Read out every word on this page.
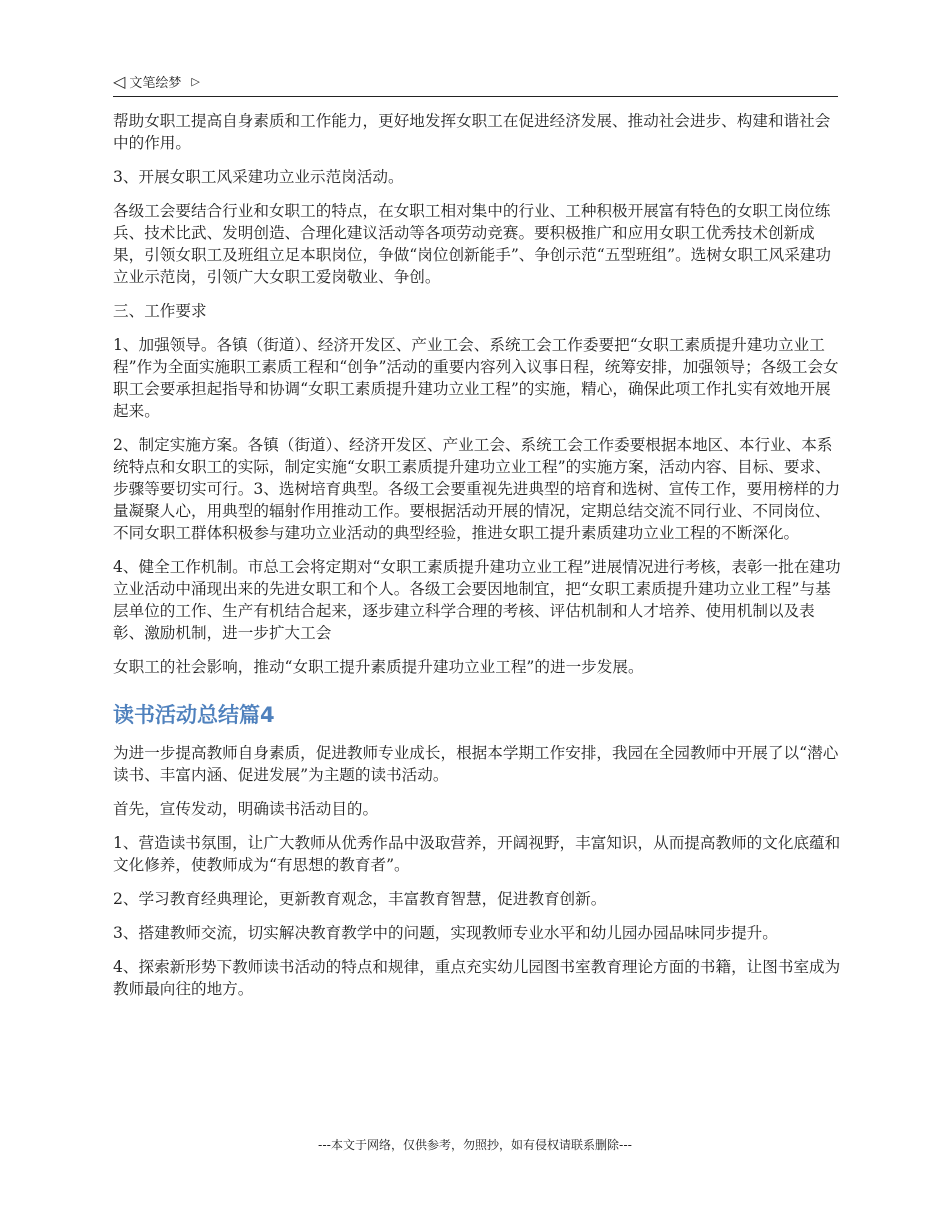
◁ 文笔绘梦 ▷

帮助女职工提高自身素质和工作能力，更好地发挥女职工在促进经济发展、推动社会进步、构建和谐社会中的作用。

3、开展女职工风采建功立业示范岗活动。

各级工会要结合行业和女职工的特点，在女职工相对集中的行业、工种积极开展富有特色的女职工岗位练兵、技术比武、发明创造、合理化建议活动等各项劳动竞赛。要积极推广和应用女职工优秀技术创新成果，引领女职工及班组立足本职岗位，争做“岗位创新能手”、争创示范“五型班组”。选树女职工风采建功立业示范岗，引领广大女职工爱岗敬业、争创。

三、工作要求

1、加强领导。各镇（街道）、经济开发区、产业工会、系统工会工作委要把“女职工素质提升建功立业工程”作为全面实施职工素质工程和“创争”活动的重要内容列入议事日程，统筹安排，加强领导；各级工会女职工会要承担起指导和协调“女职工素质提升建功立业工程”的实施，精心，确保此项工作扎实有效地开展起来。

2、制定实施方案。各镇（街道）、经济开发区、产业工会、系统工会工作委要根据本地区、本行业、本系统特点和女职工的实际，制定实施“女职工素质提升建功立业工程”的实施方案，活动内容、目标、要求、步骤等要切实可行。3、选树培育典型。各级工会要重视先进典型的培育和选树、宣传工作，要用榜样的力量凝聚人心，用典型的辐射作用推动工作。要根据活动开展的情况，定期总结交流不同行业、不同岗位、不同女职工群体积极参与建功立业活动的典型经验，推进女职工提升素质建功立业工程的不断深化。

4、健全工作机制。市总工会将定期对“女职工素质提升建功立业工程”进展情况进行考核，表彰一批在建功立业活动中涌现出来的先进女职工和个人。各级工会要因地制宜，把“女职工素质提升建功立业工程”与基层单位的工作、生产有机结合起来，逐步建立科学合理的考核、评估机制和人才培养、使用机制以及表彰、激励机制，进一步扩大工会

女职工的社会影响，推动“女职工提升素质提升建功立业工程”的进一步发展。

读书活动总结篇4

为进一步提高教师自身素质，促进教师专业成长，根据本学期工作安排，我园在全园教师中开展了以“潜心读书、丰富内涵、促进发展”为主题的读书活动。

首先，宣传发动，明确读书活动目的。

1、营造读书氛围，让广大教师从优秀作品中汲取营养，开阔视野，丰富知识，从而提高教师的文化底蕴和文化修养，使教师成为“有思想的教育者”。

2、学习教育经典理论，更新教育观念，丰富教育智慧，促进教育创新。

3、搭建教师交流，切实解决教育教学中的问题，实现教师专业水平和幼儿园办园品味同步提升。

4、探索新形势下教师读书活动的特点和规律，重点充实幼儿园图书室教育理论方面的书籍，让图书室成为教师最向往的地方。

---本文于网络，仅供参考，勿照抄，如有侵权请联系删除---
